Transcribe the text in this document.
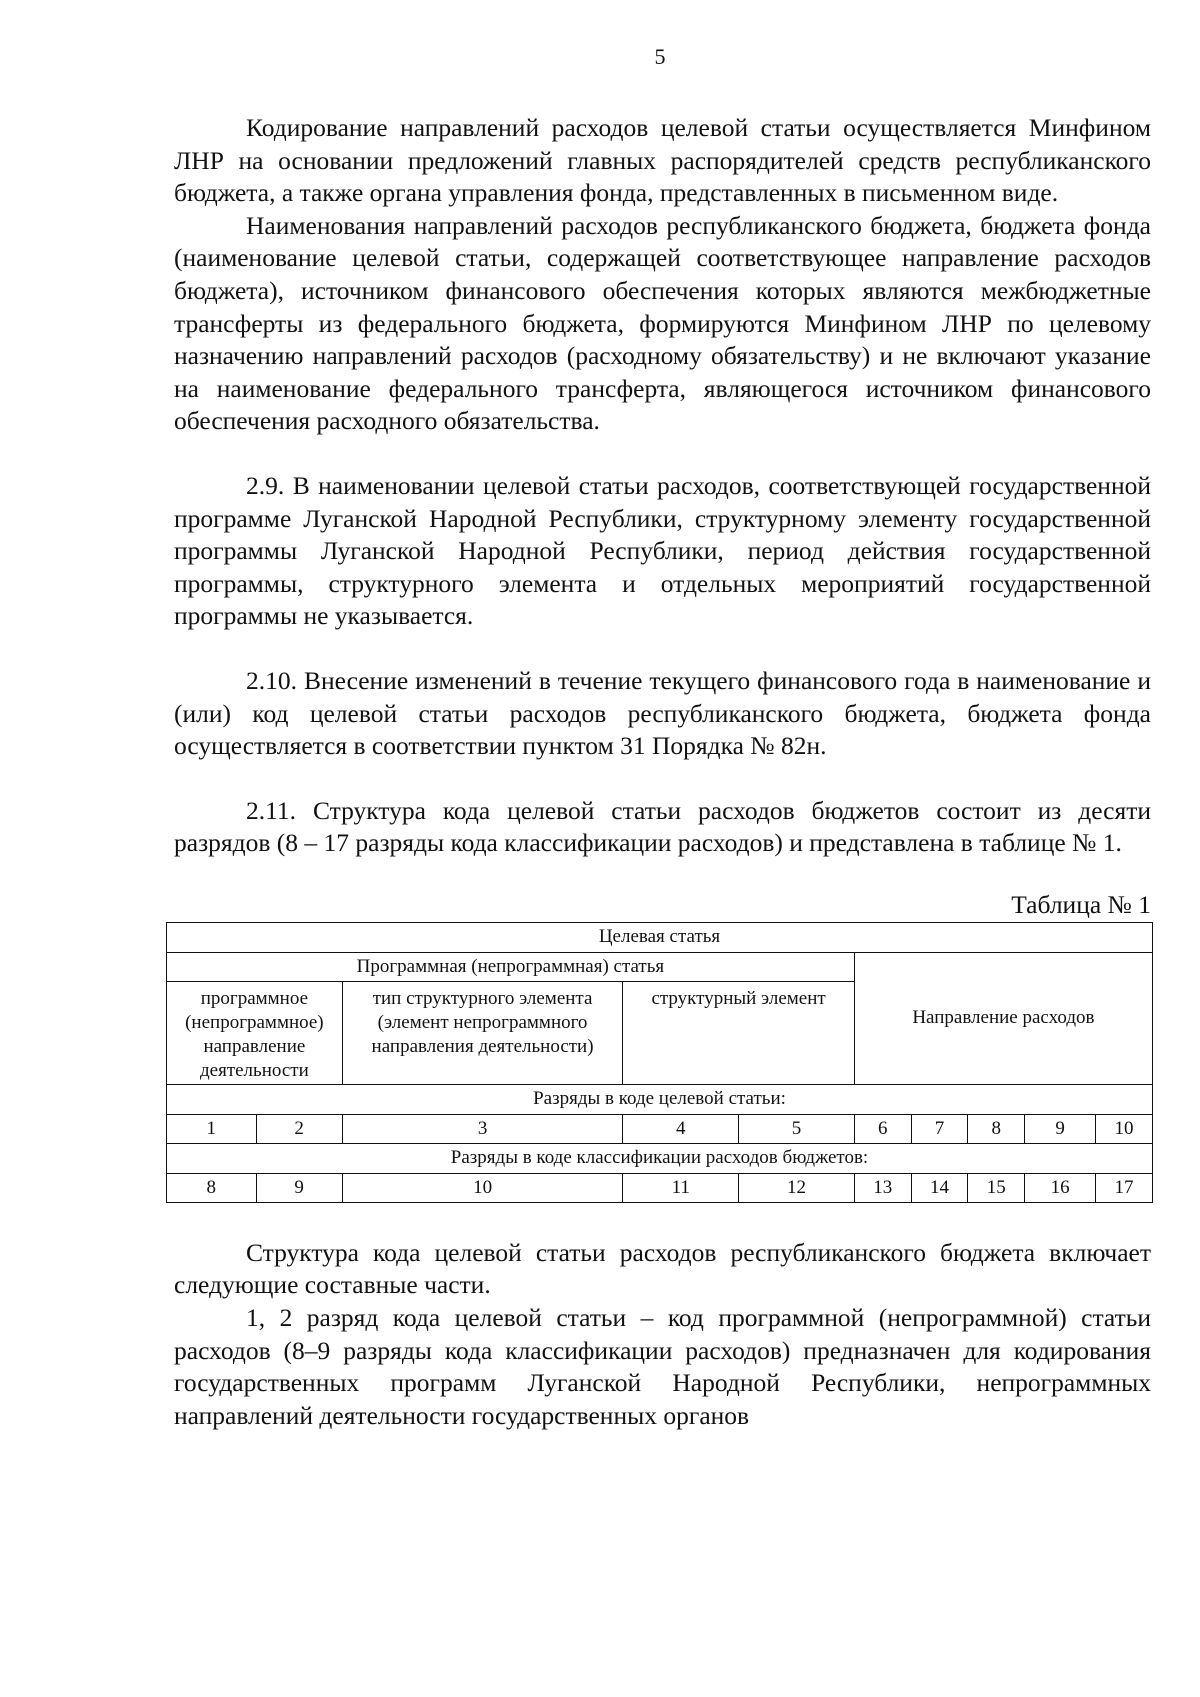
5

Кодирование направлений расходов целевой статьи осуществляется Минфином ЛНР на основании предложений главных распорядителей средств республиканского бюджета, а также органа управления фонда, представленных в письменном виде.

Наименования направлений расходов республиканского бюджета, бюджета фонда (наименование целевой статьи, содержащей соответствующее направление расходов бюджета), источником финансового обеспечения которых являются межбюджетные трансферты из федерального бюджета, формируются Минфином ЛНР по целевому назначению направлений расходов (расходному обязательству) и не включают указание на наименование федерального трансферта, являющегося источником финансового обеспечения расходного обязательства.

2.9. В наименовании целевой статьи расходов, соответствующей государственной программе Луганской Народной Республики, структурному элементу государственной программы Луганской Народной Республики, период действия государственной программы, структурного элемента и отдельных мероприятий государственной программы не указывается.

2.10. Внесение изменений в течение текущего финансового года в наименование и (или) код целевой статьи расходов республиканского бюджета, бюджета фонда осуществляется в соответствии пунктом 31 Порядка № 82н.

2.11. Структура кода целевой статьи расходов бюджетов состоит из десяти разрядов (8 – 17 разряды кода классификации расходов) и представлена в таблице № 1.

Таблица № 1
Целевая статья									
Программная (непрограммная) статья					Направление расходов				
программное (непрограммное) направление деятельности		тип структурного элемента (элемент непрограммного направления деятельности)	структурный элемент						
Разряды в коде целевой статьи:									
1	2	3	4	5	6	7	8	9	10
Разряды в коде классификации расходов бюджетов:									
8	9	10	11	12	13	14	15	16	17

Структура кода целевой статьи расходов республиканского бюджета включает следующие составные части.

1, 2 разряд кода целевой статьи – код программной (непрограммной) статьи расходов (8–9 разряды кода классификации расходов) предназначен для кодирования государственных программ Луганской Народной Республики, непрограммных направлений деятельности государственных органов
